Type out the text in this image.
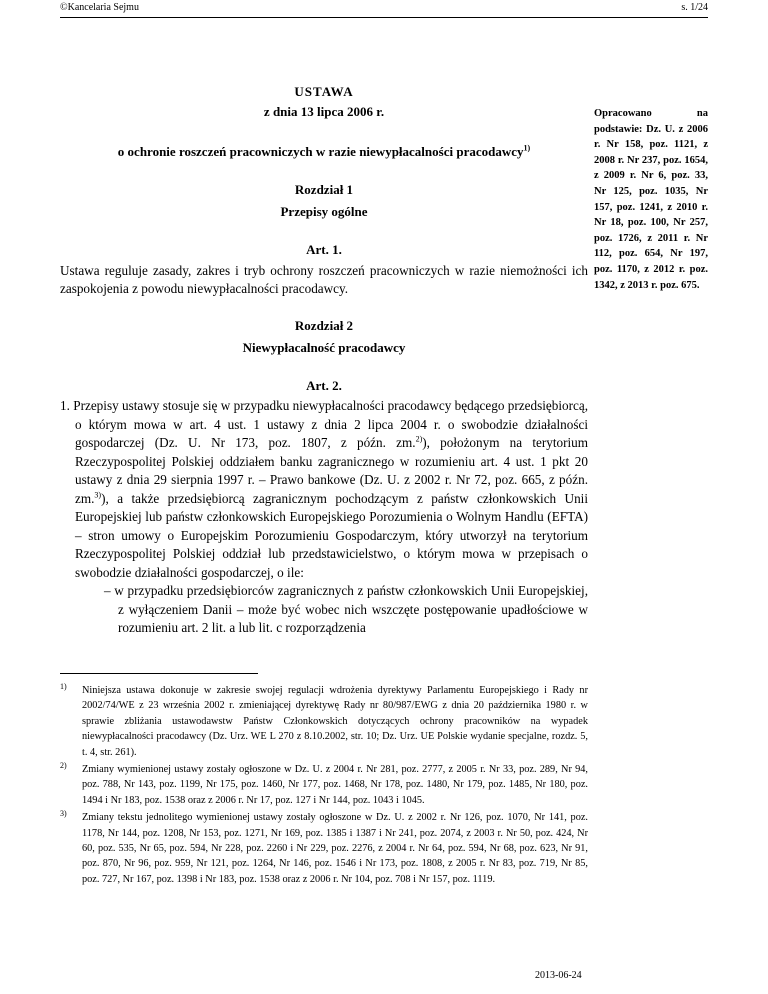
©Kancelaria Sejmu	s. 1/24
USTAWA
z dnia 13 lipca 2006 r.
o ochronie roszczeń pracowniczych w razie niewypłacalności pracodawcy$^{1)}$
Opracowano na podstawie: Dz. U. z 2006 r. Nr 158, poz. 1121, z 2008 r. Nr 237, poz. 1654, z 2009 r. Nr 6, poz. 33, Nr 125, poz. 1035, Nr 157, poz. 1241, z 2010 r. Nr 18, poz. 100, Nr 257, poz. 1726, z 2011 r. Nr 112, poz. 654, Nr 197, poz. 1170, z 2012 r. poz. 1342, z 2013 r. poz. 675.
Rozdział 1
Przepisy ogólne
Art. 1.
Ustawa reguluje zasady, zakres i tryb ochrony roszczeń pracowniczych w razie niemożności ich zaspokojenia z powodu niewypłacalności pracodawcy.
Rozdział 2
Niewypłacalność pracodawcy
Art. 2.
1. Przepisy ustawy stosuje się w przypadku niewypłacalności pracodawcy będącego przedsiębiorcą, o którym mowa w art. 4 ust. 1 ustawy z dnia 2 lipca 2004 r. o swobodzie działalności gospodarczej (Dz. U. Nr 173, poz. 1807, z późn. zm.$^{2)}$), położonym na terytorium Rzeczypospolitej Polskiej oddziałem banku zagranicznego w rozumieniu art. 4 ust. 1 pkt 20 ustawy z dnia 29 sierpnia 1997 r. – Prawo bankowe (Dz. U. z 2002 r. Nr 72, poz. 665, z późn. zm.$^{3)}$), a także przedsiębiorcą zagranicznym pochodzącym z państw członkowskich Unii Europejskiej lub państw członkowskich Europejskiego Porozumienia o Wolnym Handlu (EFTA) – stron umowy o Europejskim Porozumieniu Gospodarczym, który utworzył na terytorium Rzeczypospolitej Polskiej oddział lub przedstawicielstwo, o którym mowa w przepisach o swobodzie działalności gospodarczej, o ile:
– w przypadku przedsiębiorców zagranicznych z państw członkowskich Unii Europejskiej, z wyłączeniem Danii – może być wobec nich wszczęte postępowanie upadłościowe w rozumieniu art. 2 lit. a lub lit. c rozporządzenia
1) Niniejsza ustawa dokonuje w zakresie swojej regulacji wdrożenia dyrektywy Parlamentu Europejskiego i Rady nr 2002/74/WE z 23 września 2002 r. zmieniającej dyrektywę Rady nr 80/987/EWG z dnia 20 października 1980 r. w sprawie zbliżania ustawodawstw Państw Członkowskich dotyczących ochrony pracowników na wypadek niewypłacalności pracodawcy (Dz. Urz. WE L 270 z 8.10.2002, str. 10; Dz. Urz. UE Polskie wydanie specjalne, rozdz. 5, t. 4, str. 261).
2) Zmiany wymienionej ustawy zostały ogłoszone w Dz. U. z 2004 r. Nr 281, poz. 2777, z 2005 r. Nr 33, poz. 289, Nr 94, poz. 788, Nr 143, poz. 1199, Nr 175, poz. 1460, Nr 177, poz. 1468, Nr 178, poz. 1480, Nr 179, poz. 1485, Nr 180, poz. 1494 i Nr 183, poz. 1538 oraz z 2006 r. Nr 17, poz. 127 i Nr 144, poz. 1043 i 1045.
3) Zmiany tekstu jednolitego wymienionej ustawy zostały ogłoszone w Dz. U. z 2002 r. Nr 126, poz. 1070, Nr 141, poz. 1178, Nr 144, poz. 1208, Nr 153, poz. 1271, Nr 169, poz. 1385 i 1387 i Nr 241, poz. 2074, z 2003 r. Nr 50, poz. 424, Nr 60, poz. 535, Nr 65, poz. 594, Nr 228, poz. 2260 i Nr 229, poz. 2276, z 2004 r. Nr 64, poz. 594, Nr 68, poz. 623, Nr 91, poz. 870, Nr 96, poz. 959, Nr 121, poz. 1264, Nr 146, poz. 1546 i Nr 173, poz. 1808, z 2005 r. Nr 83, poz. 719, Nr 85, poz. 727, Nr 167, poz. 1398 i Nr 183, poz. 1538 oraz z 2006 r. Nr 104, poz. 708 i Nr 157, poz. 1119.
2013-06-24
